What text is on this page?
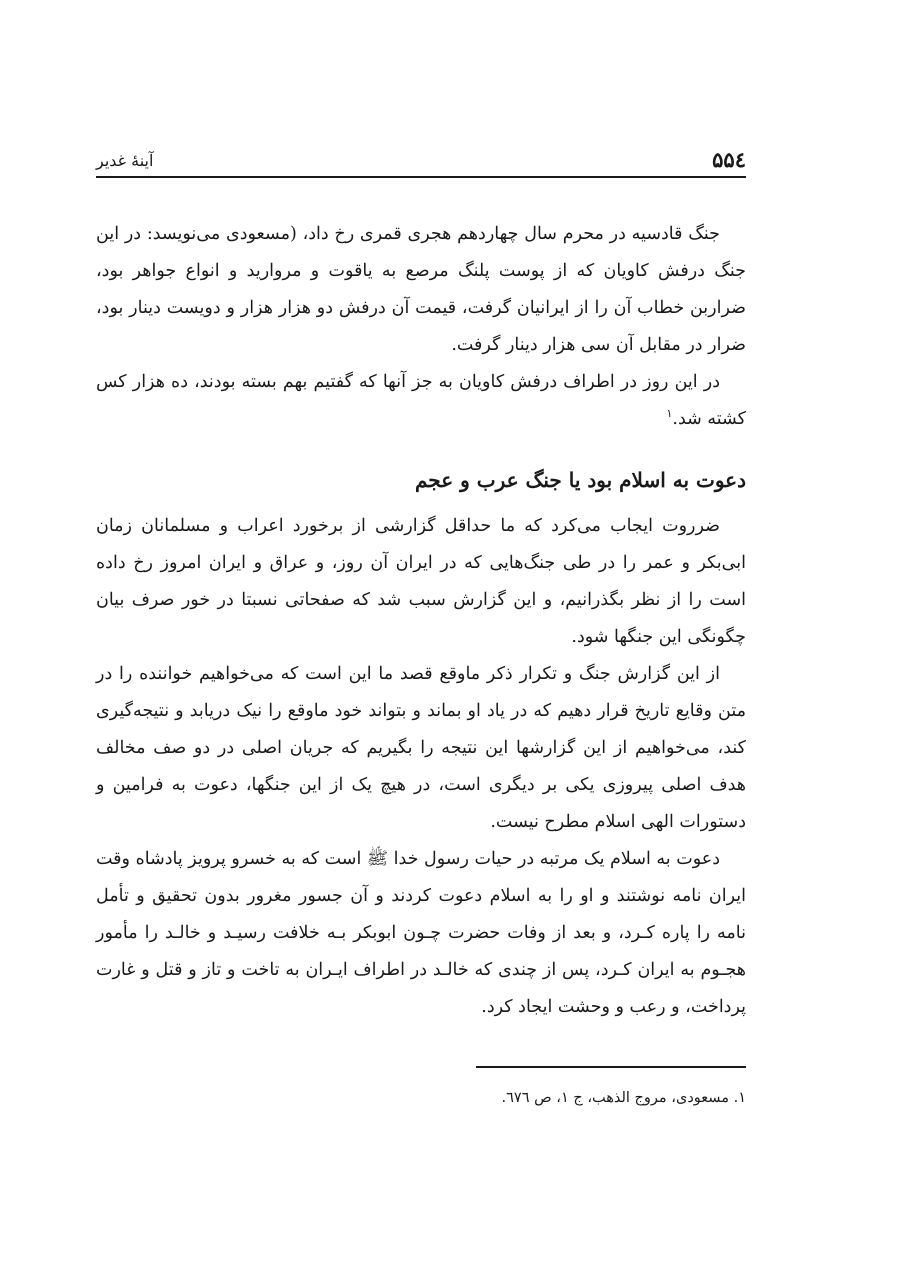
۵۵٤
آینهٔ غدیر

جنگ قادسیه در محرم سال چهاردهم هجری قمری رخ داد، (مسعودی می‌نویسد: در این جنگ درفش کاویان که از پوست پلنگ مرصع به یاقوت و مروارید و انواع جواهر بود، ضراربن خطاب آن را از ایرانیان گرفت، قیمت آن درفش دو هزار هزار و دویست دینار بود، ضرار در مقابل آن سی هزار دینار گرفت.

در این روز در اطراف درفش کاویان به جز آنها که گفتیم بهم بسته بودند، ده هزار کس کشته شد.$^۱$

دعوت به اسلام بود یا جنگ عرب و عجم

ضرروت ایجاب می‌کرد که ما حداقل گزارشی از برخورد اعراب و مسلمانان زمان ابی‌بکر و عمر را در طی جنگ‌هایی که در ایران آن روز، و عراق و ایران امروز رخ داده است را از نظر بگذرانیم، و این گزارش سبب شد که صفحاتی نسبتا در خور صرف بیان چگونگی این جنگها شود.

از این گزارش جنگ و تکرار ذکر ماوقع قصد ما این است که می‌خواهیم خواننده را در متن وقایع تاریخ قرار دهیم که در یاد او بماند و بتواند خود ماوقع را نیک دریابد و نتیجه‌گیری کند، می‌خواهیم از این گزارشها این نتیجه را بگیریم که جریان اصلی در دو صف مخالف هدف اصلی پیروزی یکی بر دیگری است، در هیچ یک از این جنگها، دعوت به فرامین و دستورات الهی اسلام مطرح نیست.

دعوت به اسلام یک مرتبه در حیات رسول خدا ﷺ است که به خسرو پرویز پادشاه وقت ایران نامه نوشتند و او را به اسلام دعوت کردند و آن جسور مغرور بدون تحقیق و تأمل نامه را پاره کـرد، و بعد از وفات حضرت چـون ابوبکر بـه خلافت رسیـد و خالـد را مأمور هجـوم به ایران کـرد، پس از چندی که خالـد در اطراف ایـران به تاخت و تاز و قتل و غارت پرداخت، و رعب و وحشت ایجاد کرد.

۱. مسعودی، مروج الذهب، ج ۱، ص ٦٧٦.
